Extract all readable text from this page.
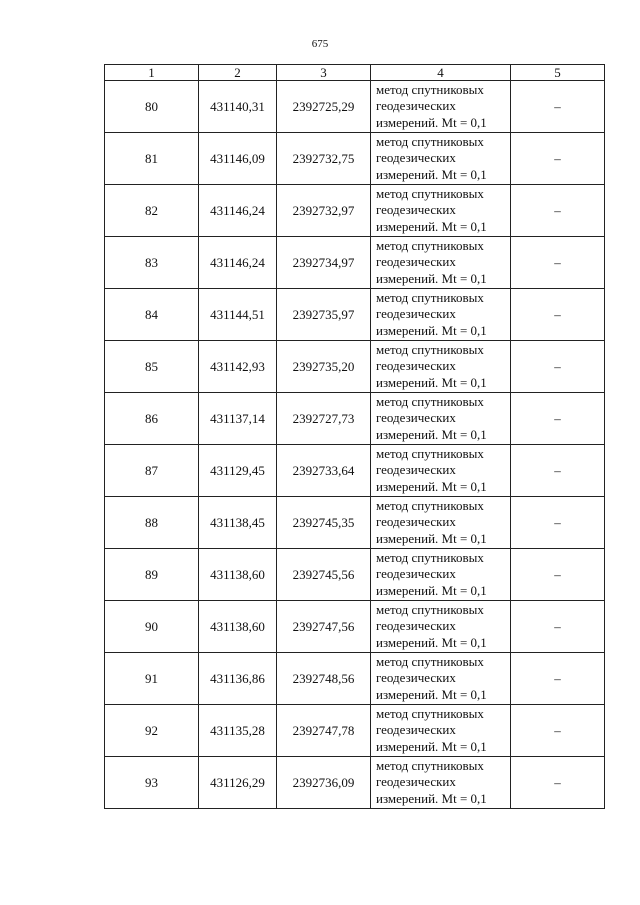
675
1	2	3	4	5
80	431140,31	2392725,29	метод спутниковых
геодезических
измерений. Mt = 0,1	–
81	431146,09	2392732,75	метод спутниковых
геодезических
измерений. Mt = 0,1	–
82	431146,24	2392732,97	метод спутниковых
геодезических
измерений. Mt = 0,1	–
83	431146,24	2392734,97	метод спутниковых
геодезических
измерений. Mt = 0,1	–
84	431144,51	2392735,97	метод спутниковых
геодезических
измерений. Mt = 0,1	–
85	431142,93	2392735,20	метод спутниковых
геодезических
измерений. Mt = 0,1	–
86	431137,14	2392727,73	метод спутниковых
геодезических
измерений. Mt = 0,1	–
87	431129,45	2392733,64	метод спутниковых
геодезических
измерений. Mt = 0,1	–
88	431138,45	2392745,35	метод спутниковых
геодезических
измерений. Mt = 0,1	–
89	431138,60	2392745,56	метод спутниковых
геодезических
измерений. Mt = 0,1	–
90	431138,60	2392747,56	метод спутниковых
геодезических
измерений. Mt = 0,1	–
91	431136,86	2392748,56	метод спутниковых
геодезических
измерений. Mt = 0,1	–
92	431135,28	2392747,78	метод спутниковых
геодезических
измерений. Mt = 0,1	–
93	431126,29	2392736,09	метод спутниковых
геодезических
измерений. Mt = 0,1	–
